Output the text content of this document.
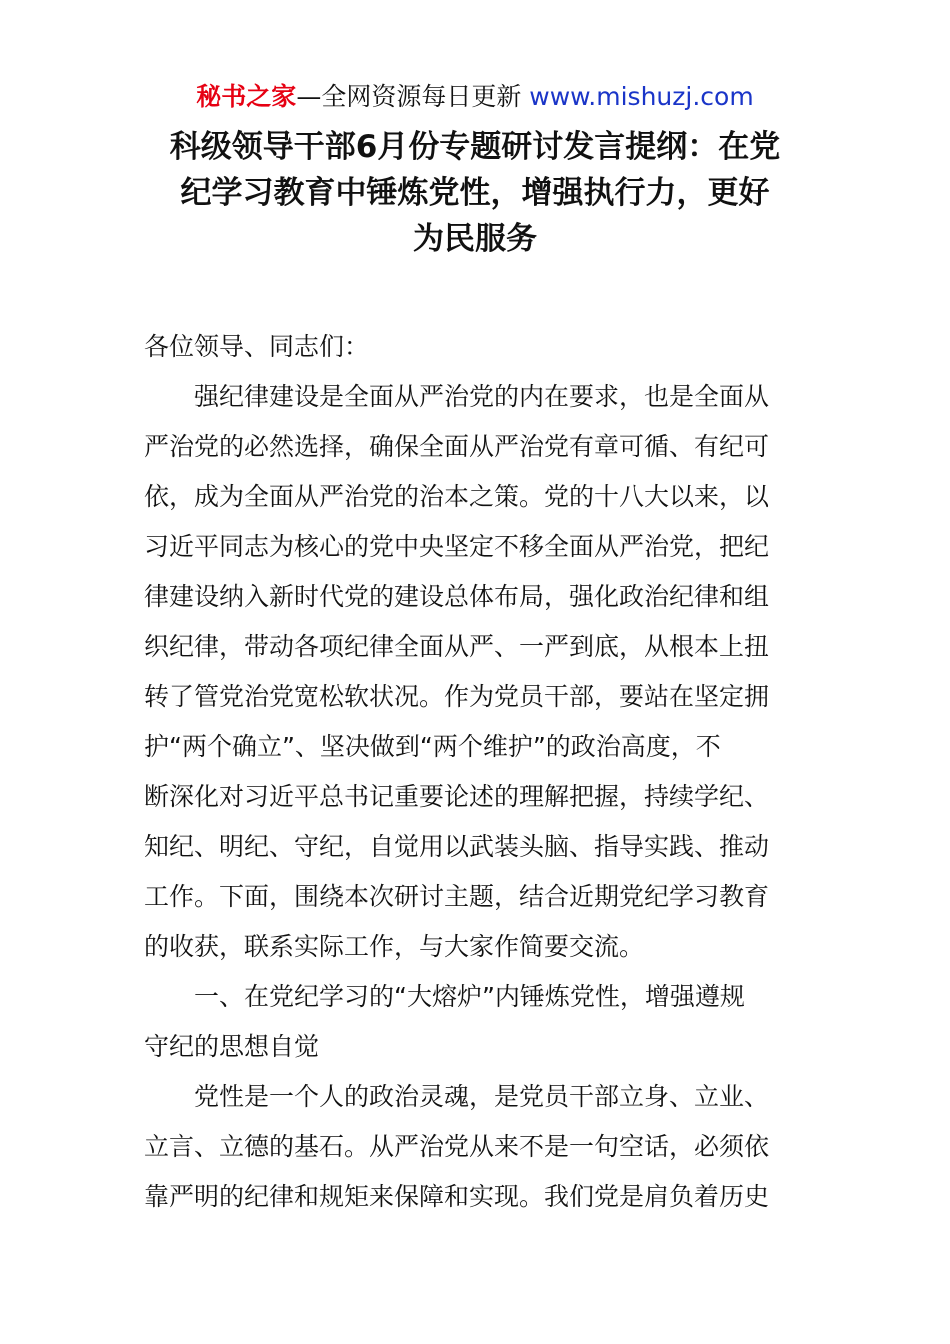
秘书之家—全网资源每日更新 www.mishuzj.com
科级领导干部6月份专题研讨发言提纲：在党
纪学习教育中锤炼党性，增强执行力，更好
为民服务
各位领导、同志们：
强纪律建设是全面从严治党的内在要求，也是全面从
严治党的必然选择，确保全面从严治党有章可循、有纪可
依，成为全面从严治党的治本之策。党的十八大以来，以
习近平同志为核心的党中央坚定不移全面从严治党，把纪
律建设纳入新时代党的建设总体布局，强化政治纪律和组
织纪律，带动各项纪律全面从严、一严到底，从根本上扭
转了管党治党宽松软状况。作为党员干部，要站在坚定拥
护“两个确立”、坚决做到“两个维护”的政治高度，不
断深化对习近平总书记重要论述的理解把握，持续学纪、
知纪、明纪、守纪，自觉用以武装头脑、指导实践、推动
工作。下面，围绕本次研讨主题，结合近期党纪学习教育
的收获，联系实际工作，与大家作简要交流。
一、在党纪学习的“大熔炉”内锤炼党性，增强遵规
守纪的思想自觉
党性是一个人的政治灵魂，是党员干部立身、立业、
立言、立德的基石。从严治党从来不是一句空话，必须依
靠严明的纪律和规矩来保障和实现。我们党是肩负着历史
